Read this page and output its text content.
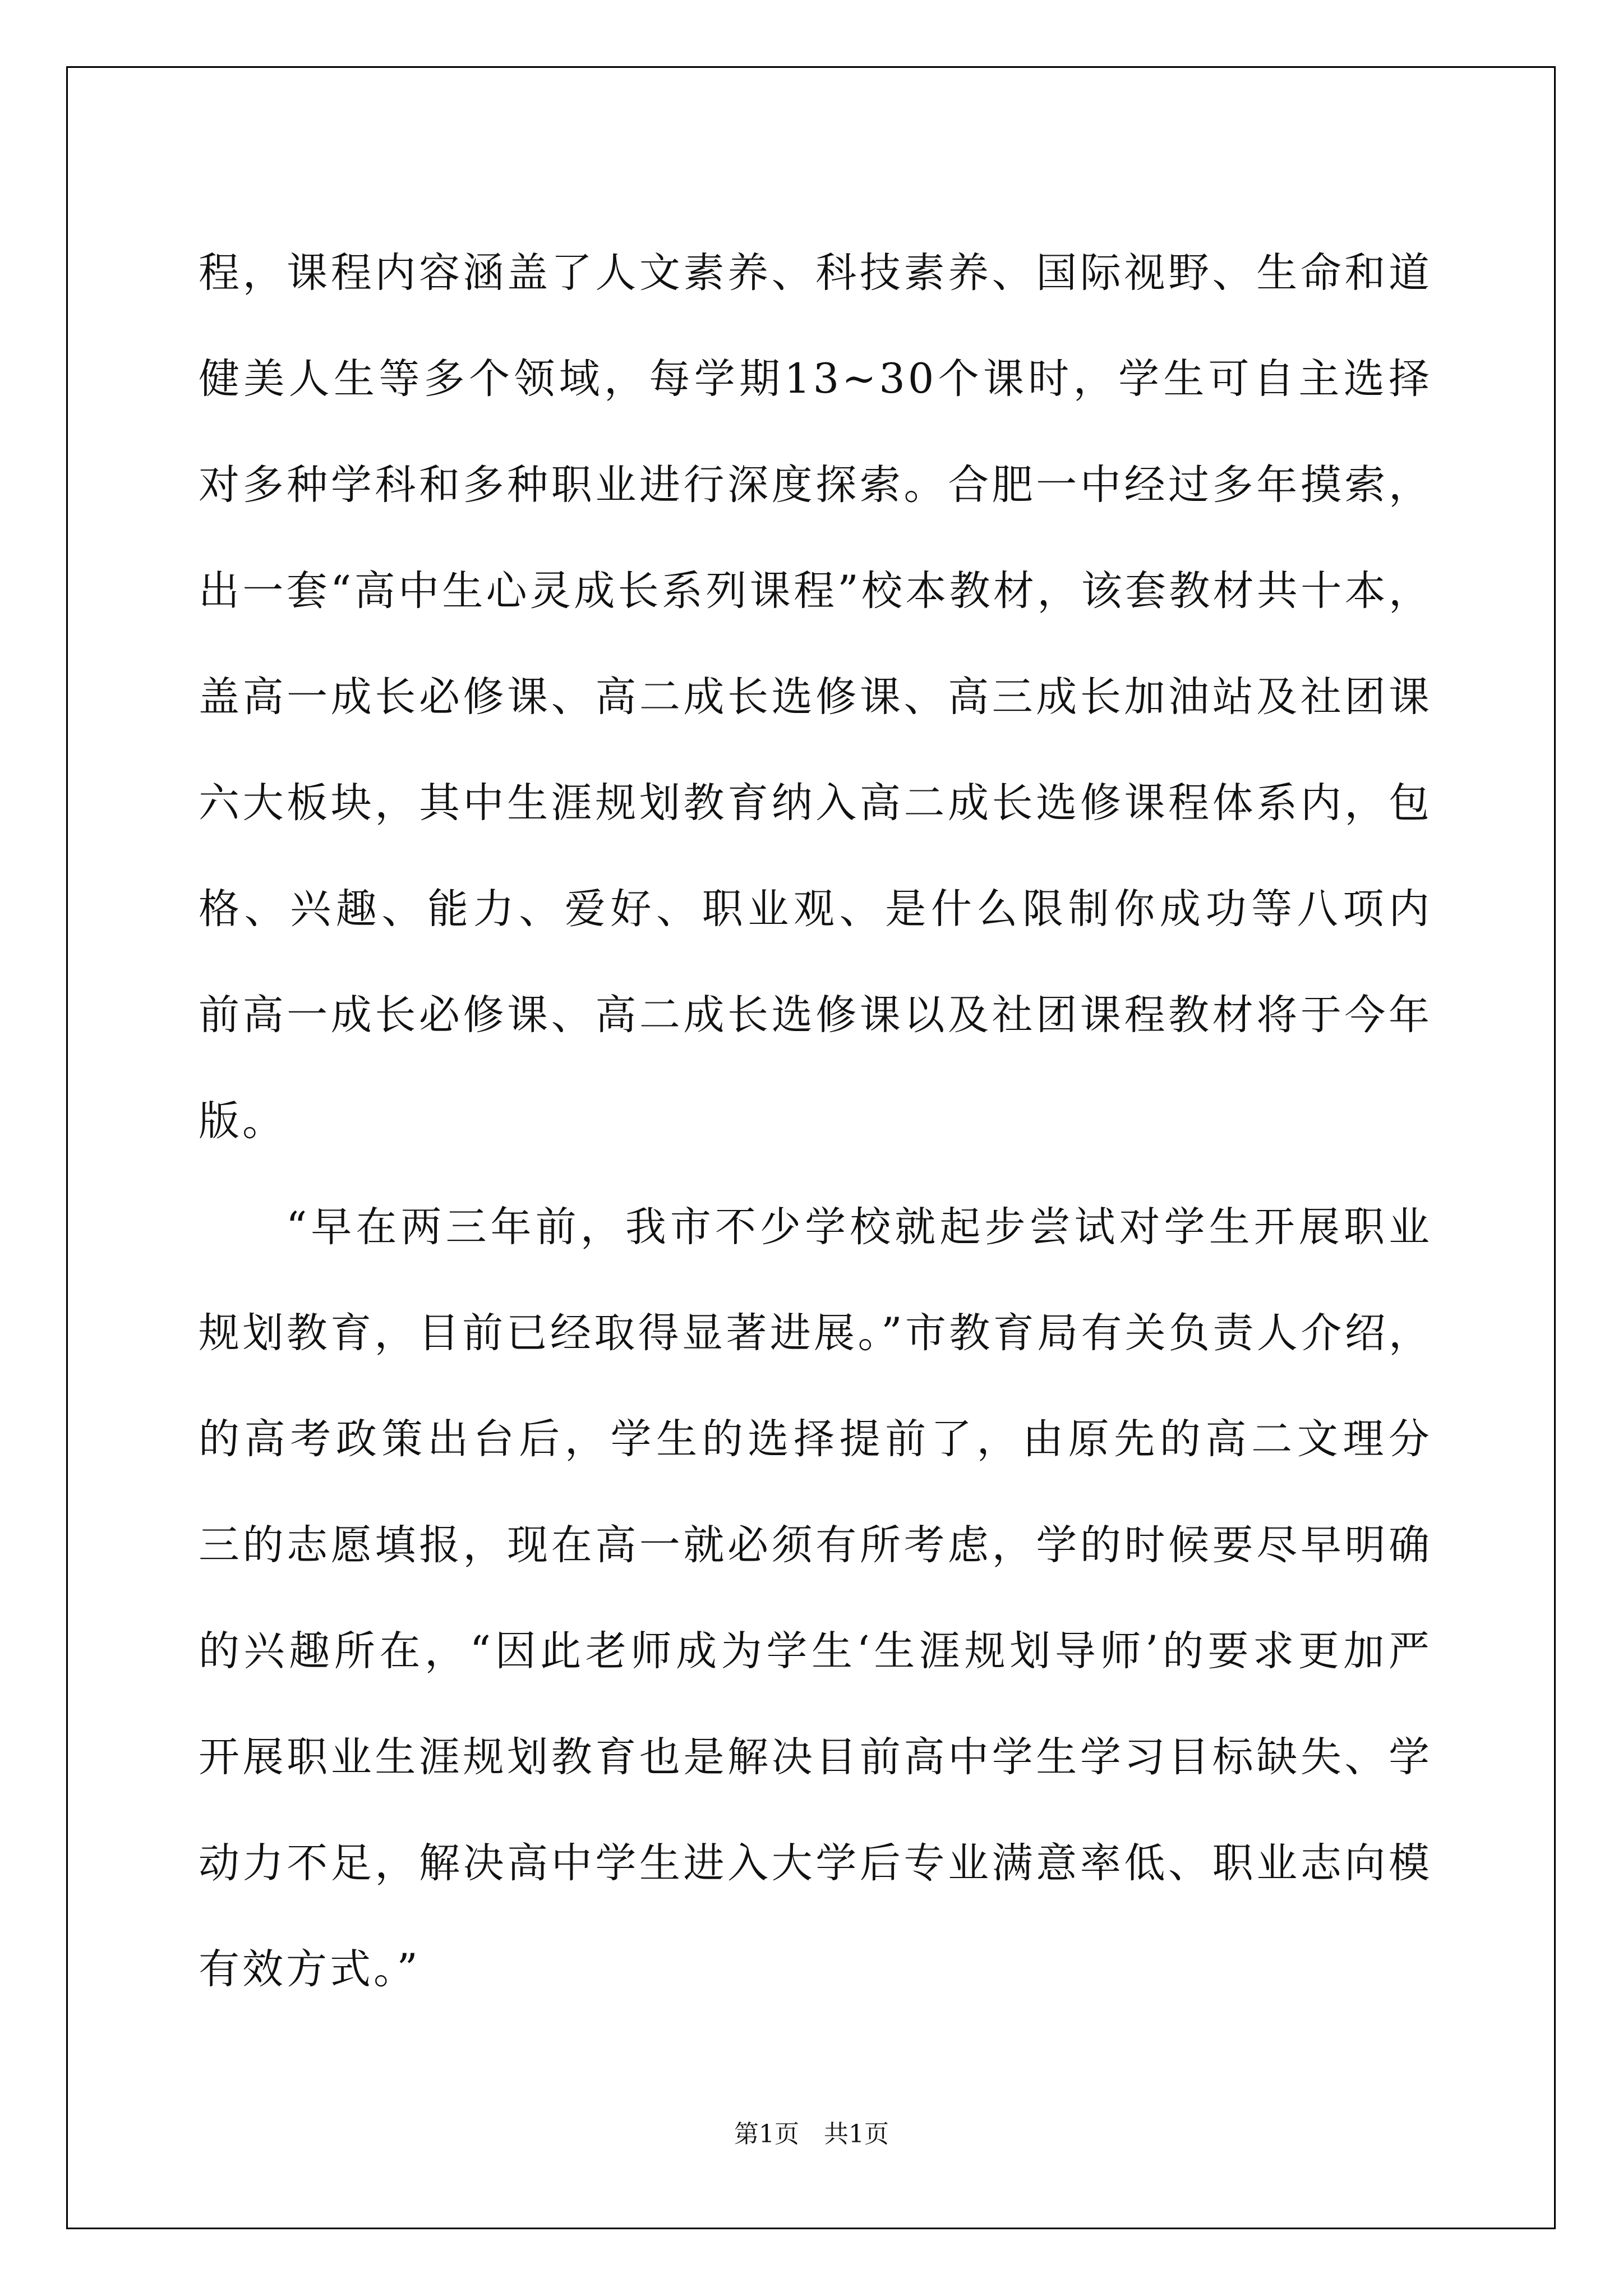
程，课程内容涵盖了人文素养、科技素养、国际视野、生命和道
健美人生等多个领域，每学期13~30个课时，学生可自主选择
对多种学科和多种职业进行深度探索。合肥一中经过多年摸索，
出一套“高中生心灵成长系列课程”校本教材，该套教材共十本，
盖高一成长必修课、高二成长选修课、高三成长加油站及社团课
六大板块，其中生涯规划教育纳入高二成长选修课程体系内，包
格、兴趣、能力、爱好、职业观、是什么限制你成功等八项内
前高一成长必修课、高二成长选修课以及社团课程教材将于今年
版。
“早在两三年前，我市不少学校就起步尝试对学生开展职业
规划教育，目前已经取得显著进展。”市教育局有关负责人介绍，
的高考政策出台后，学生的选择提前了，由原先的高二文理分
三的志愿填报，现在高一就必须有所考虑，学的时候要尽早明确
的兴趣所在，“因此老师成为学生‘生涯规划导师’的要求更加严
开展职业生涯规划教育也是解决目前高中学生学习目标缺失、学
动力不足，解决高中学生进入大学后专业满意率低、职业志向模
有效方式。”
第1页 共1页
